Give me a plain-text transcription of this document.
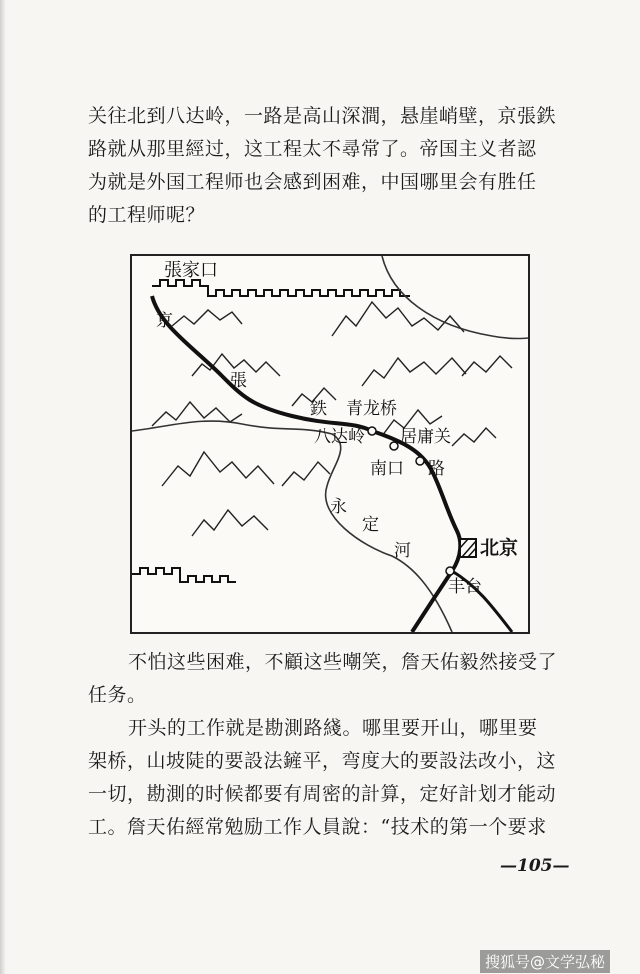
关往北到八达岭，一路是高山深澗，悬崖峭壁，京張鉄
路就从那里經过，这工程太不尋常了。帝国主义者認
为就是外国工程师也会感到困难，中国哪里会有胜任
的工程师呢？
張家口
京
張
鉄 青龙桥
八达岭 居庸关
南口 路
永
定
河	北京
丰台
不怕这些困难，不顧这些嘲笑，詹天佑毅然接受了
任务。
开头的工作就是勘測路綫。哪里要开山，哪里要
架桥，山坡陡的要設法鏟平，弯度大的要設法改小，这
一切，勘測的时候都要有周密的計算，定好計划才能动
工。詹天佑經常勉励工作人員說：“技术的第一个要求
—105—
搜狐号@文学弘秘
